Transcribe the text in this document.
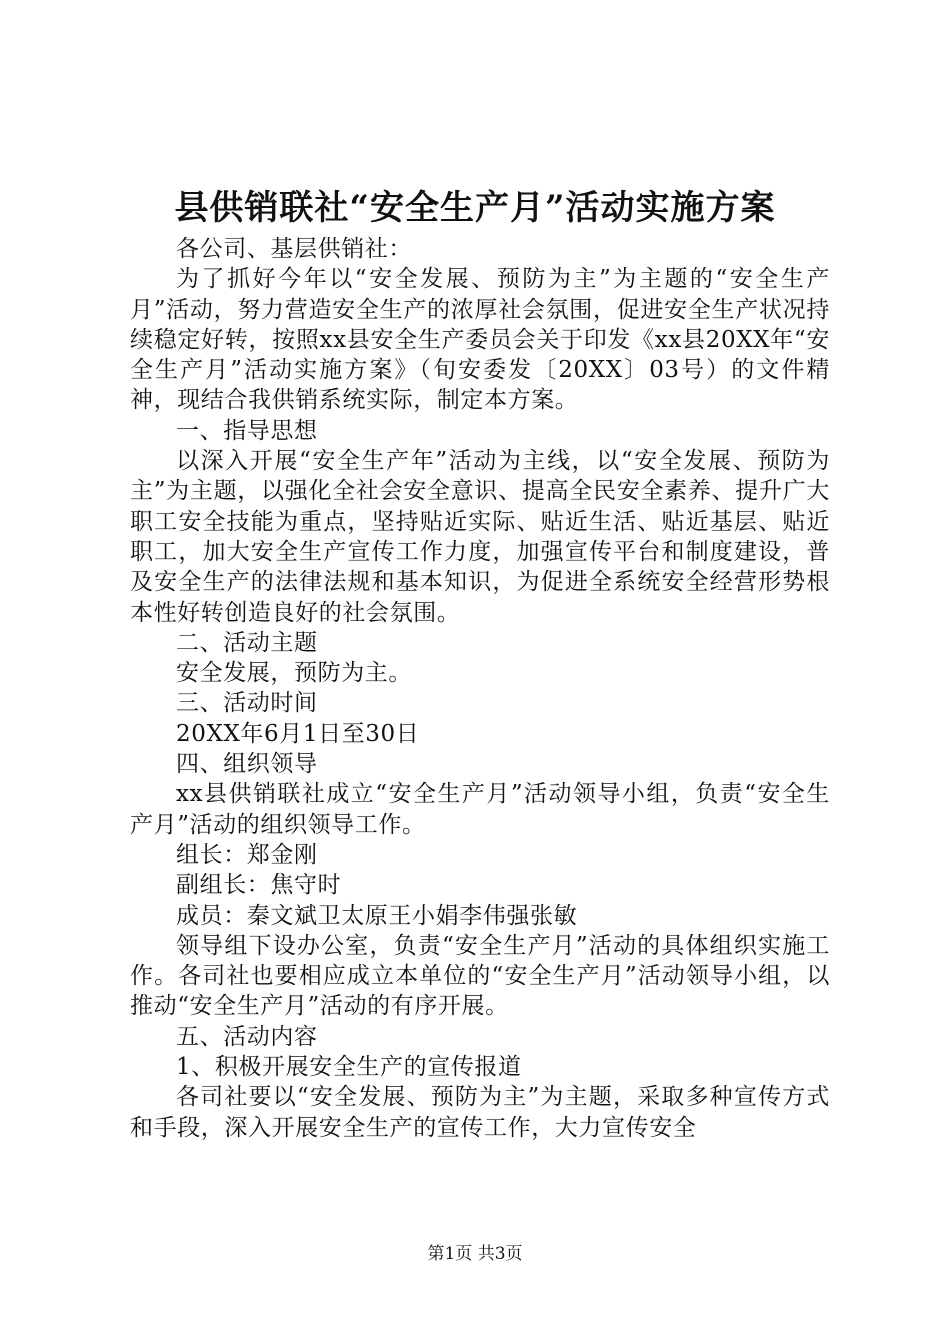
县供销联社“安全生产月”活动实施方案

各公司、基层供销社：

为了抓好今年以“安全发展、预防为主”为主题的“安全生产月”活动，努力营造安全生产的浓厚社会氛围，促进安全生产状况持续稳定好转，按照xx县安全生产委员会关于印发《xx县20XX年“安全生产月”活动实施方案》（旬安委发〔20XX〕03号）的文件精神，现结合我供销系统实际，制定本方案。

一、指导思想

以深入开展“安全生产年”活动为主线，以“安全发展、预防为主”为主题，以强化全社会安全意识、提高全民安全素养、提升广大职工安全技能为重点，坚持贴近实际、贴近生活、贴近基层、贴近职工，加大安全生产宣传工作力度，加强宣传平台和制度建设，普及安全生产的法律法规和基本知识，为促进全系统安全经营形势根本性好转创造良好的社会氛围。

二、活动主题

安全发展，预防为主。

三、活动时间

20XX年6月1日至30日

四、组织领导

xx县供销联社成立“安全生产月”活动领导小组，负责“安全生产月”活动的组织领导工作。

组长：郑金刚

副组长：焦守时

成员：秦文斌卫太原王小娟李伟强张敏

领导组下设办公室，负责“安全生产月”活动的具体组织实施工作。各司社也要相应成立本单位的“安全生产月”活动领导小组，以推动“安全生产月”活动的有序开展。

五、活动内容

1、积极开展安全生产的宣传报道

各司社要以“安全发展、预防为主”为主题，采取多种宣传方式和手段，深入开展安全生产的宣传工作，大力宣传安全

第1页 共3页
